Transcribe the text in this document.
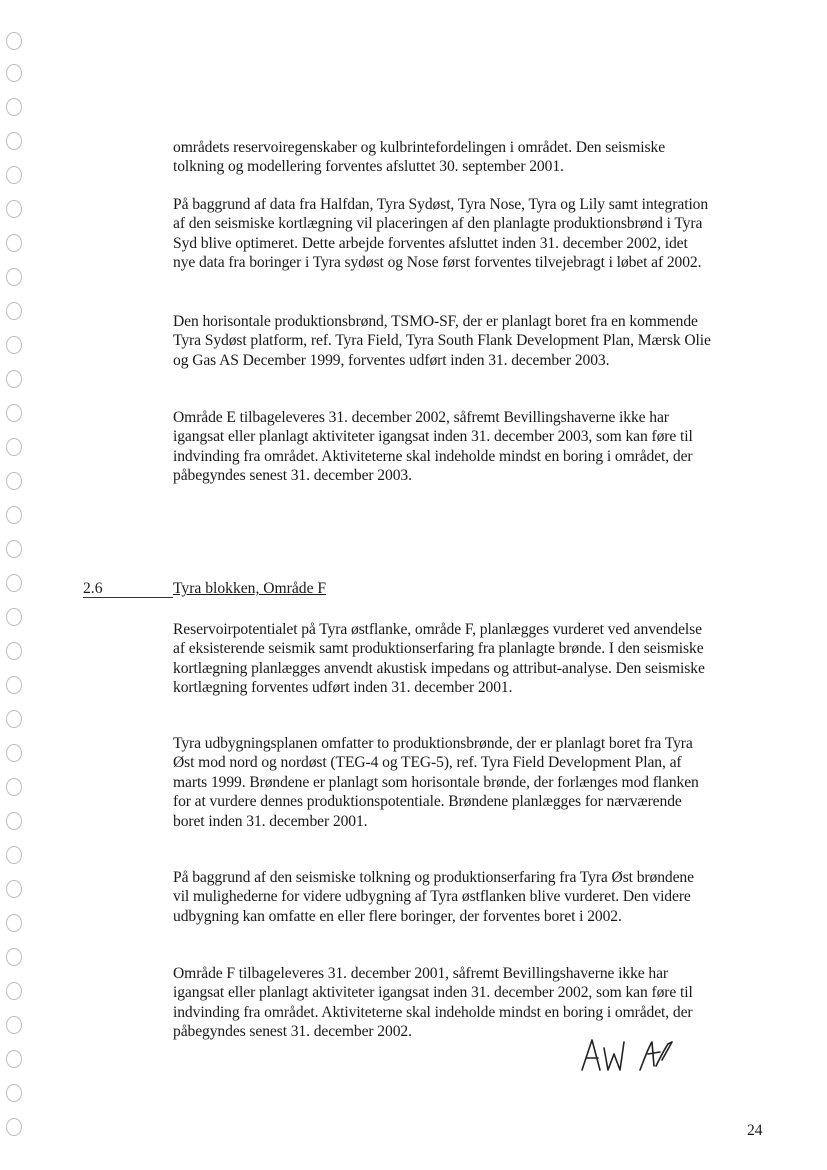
områdets reservoiregenskaber og kulbrintefordelingen i området. Den seismiske tolkning og modellering forventes afsluttet 30. september 2001.

På baggrund af data fra Halfdan, Tyra Sydøst, Tyra Nose, Tyra og Lily samt integration af den seismiske kortlægning vil placeringen af den planlagte produktionsbrønd i Tyra Syd blive optimeret. Dette arbejde forventes afsluttet inden 31. december 2002, idet nye data fra boringer i Tyra sydøst og Nose først forventes tilvejebragt i løbet af 2002.

Den horisontale produktionsbrønd, TSMO-SF, der er planlagt boret fra en kommende Tyra Sydøst platform, ref. Tyra Field, Tyra South Flank Development Plan, Mærsk Olie og Gas AS December 1999, forventes udført inden 31. december 2003.

Område E tilbageleveres 31. december 2002, såfremt Bevillingshaverne ikke har igangsat eller planlagt aktiviteter igangsat inden 31. december 2003, som kan føre til indvinding fra området. Aktiviteterne skal indeholde mindst en boring i området, der påbegyndes senest 31. december 2003.

2.6	Tyra blokken, Område F

Reservoirpotentialet på Tyra østflanke, område F, planlægges vurderet ved anvendelse af eksisterende seismik samt produktionserfaring fra planlagte brønde. I den seismiske kortlægning planlægges anvendt akustisk impedans og attribut-analyse. Den seismiske kortlægning forventes udført inden 31. december 2001.

Tyra udbygningsplanen omfatter to produktionsbrønde, der er planlagt boret fra Tyra Øst mod nord og nordøst (TEG-4 og TEG-5), ref. Tyra Field Development Plan, af marts 1999. Brøndene er planlagt som horisontale brønde, der forlænges mod flanken for at vurdere dennes produktionspotentiale. Brøndene planlægges for nærværende boret inden 31. december 2001.

På baggrund af den seismiske tolkning og produktionserfaring fra Tyra Øst brøndene vil mulighederne for videre udbygning af Tyra østflanken blive vurderet. Den videre udbygning kan omfatte en eller flere boringer, der forventes boret i 2002.

Område F tilbageleveres 31. december 2001, såfremt Bevillingshaverne ikke har igangsat eller planlagt aktiviteter igangsat inden 31. december 2002, som kan føre til indvinding fra området. Aktiviteterne skal indeholde mindst en boring i området, der påbegyndes senest 31. december 2002.

24
